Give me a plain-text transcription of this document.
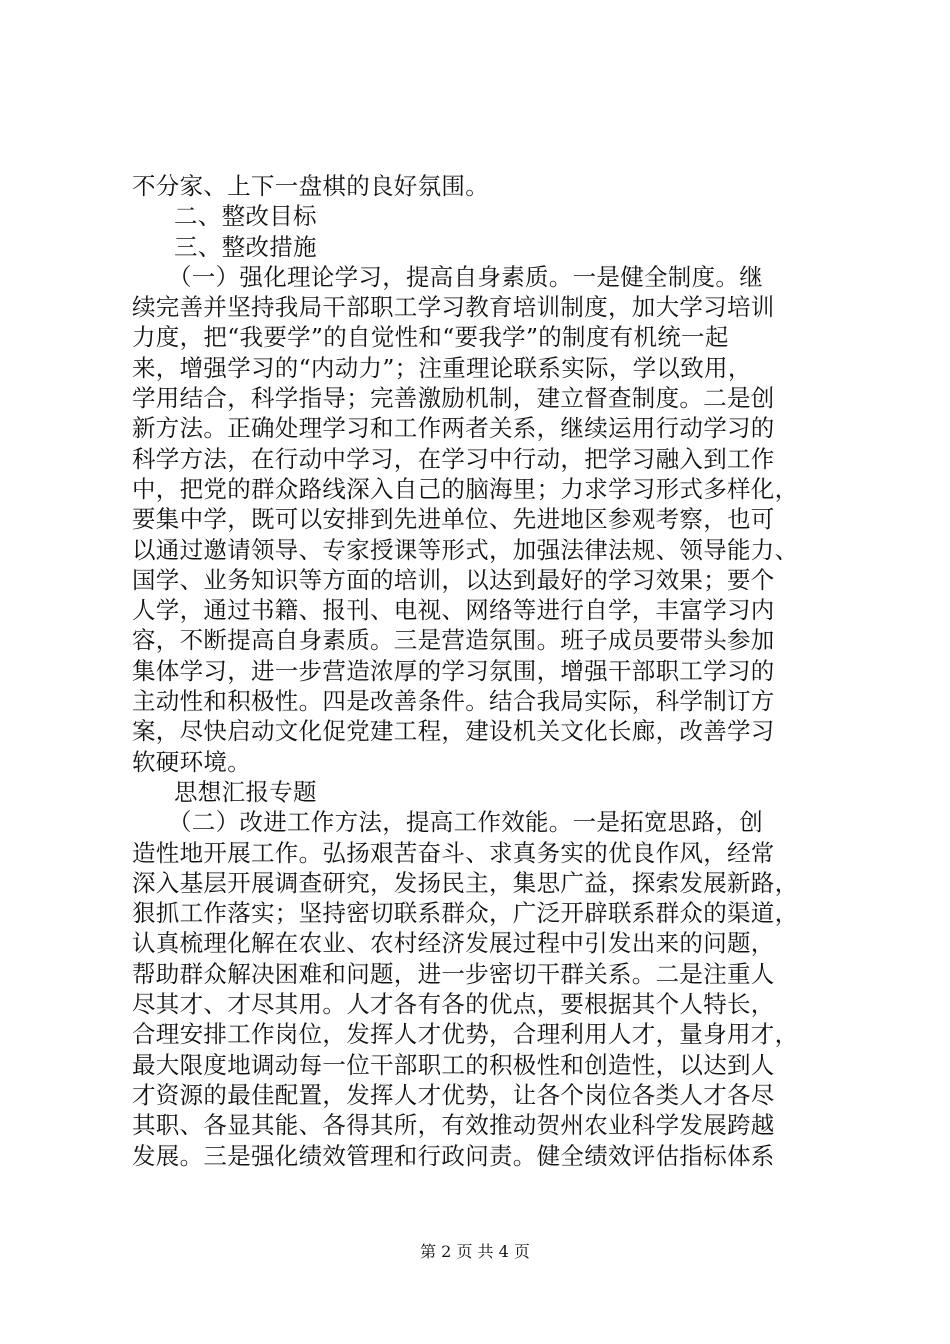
不分家、上下一盘棋的良好氛围。
二、整改目标
三、整改措施
（一）强化理论学习，提高自身素质。一是健全制度。继
续完善并坚持我局干部职工学习教育培训制度，加大学习培训
力度，把“我要学”的自觉性和“要我学”的制度有机统一起
来，增强学习的“内动力”；注重理论联系实际，学以致用，
学用结合，科学指导；完善激励机制，建立督查制度。二是创
新方法。正确处理学习和工作两者关系，继续运用行动学习的
科学方法，在行动中学习，在学习中行动，把学习融入到工作
中，把党的群众路线深入自己的脑海里；力求学习形式多样化，
要集中学，既可以安排到先进单位、先进地区参观考察，也可
以通过邀请领导、专家授课等形式，加强法律法规、领导能力、
国学、业务知识等方面的培训，以达到最好的学习效果；要个
人学，通过书籍、报刊、电视、网络等进行自学，丰富学习内
容，不断提高自身素质。三是营造氛围。班子成员要带头参加
集体学习，进一步营造浓厚的学习氛围，增强干部职工学习的
主动性和积极性。四是改善条件。结合我局实际，科学制订方
案，尽快启动文化促党建工程，建设机关文化长廊，改善学习
软硬环境。
思想汇报专题
（二）改进工作方法，提高工作效能。一是拓宽思路，创
造性地开展工作。弘扬艰苦奋斗、求真务实的优良作风，经常
深入基层开展调查研究，发扬民主，集思广益，探索发展新路，
狠抓工作落实；坚持密切联系群众，广泛开辟联系群众的渠道，
认真梳理化解在农业、农村经济发展过程中引发出来的问题，
帮助群众解决困难和问题，进一步密切干群关系。二是注重人
尽其才、才尽其用。人才各有各的优点，要根据其个人特长，
合理安排工作岗位，发挥人才优势，合理利用人才，量身用才，
最大限度地调动每一位干部职工的积极性和创造性，以达到人
才资源的最佳配置，发挥人才优势，让各个岗位各类人才各尽
其职、各显其能、各得其所，有效推动贺州农业科学发展跨越
发展。三是强化绩效管理和行政问责。健全绩效评估指标体系
第 2 页 共 4 页
